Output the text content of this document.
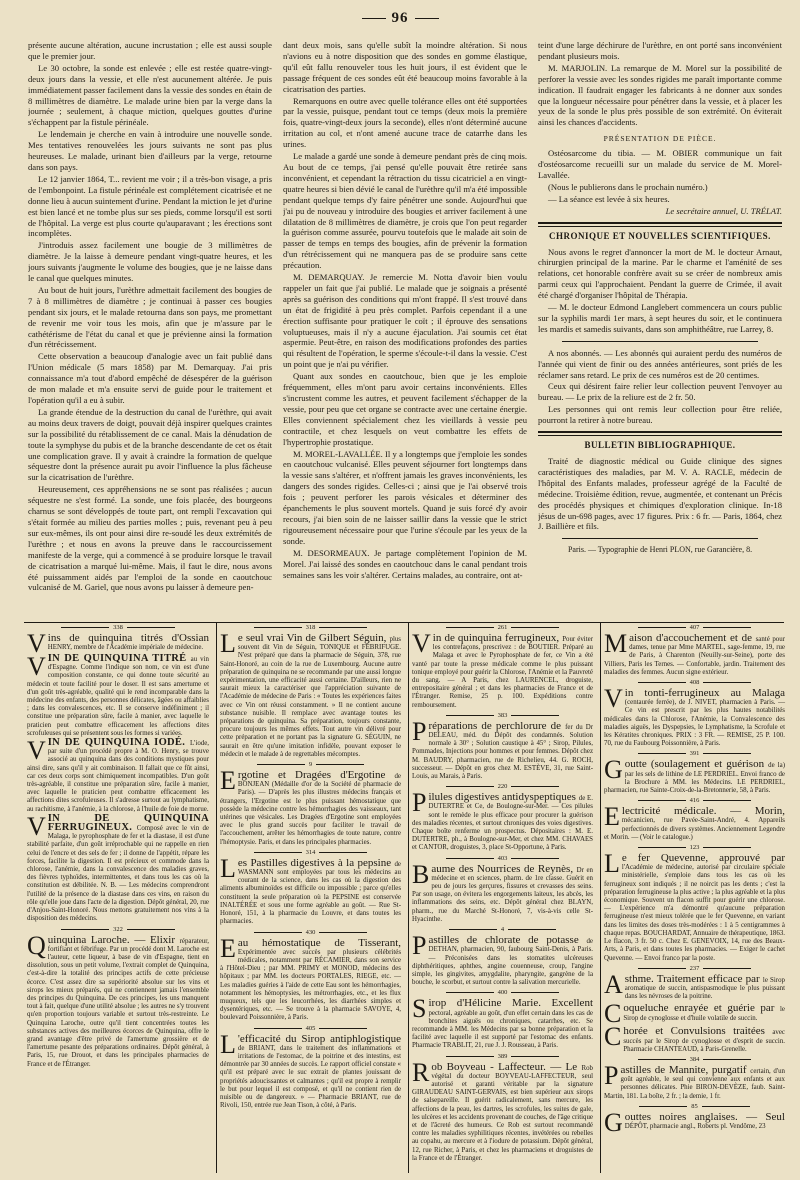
96

présente aucune altération, aucune incrustation ; elle est aussi souple que le premier jour.

Le 30 octobre, la sonde est enlevée ; elle est restée quatre-vingt-deux jours dans la vessie, et elle n'est aucunement altérée. Je puis immédiatement passer facilement dans la vessie des sondes en étain de 8 millimètres de diamètre. Le malade urine bien par la verge dans la journée ; seulement, à chaque miction, quelques gouttes d'urine s'échappent par la fistule périnéale.

Le lendemain je cherche en vain à introduire une nouvelle sonde. Mes tentatives renouvelées les jours suivants ne sont pas plus heureuses. Le malade, urinant bien d'ailleurs par la verge, retourne dans son pays.

Le 12 janvier 1864, T... revient me voir ; il a très-bon visage, a pris de l'embonpoint. La fistule périnéale est complétement cicatrisée et ne donne lieu à aucun suintement d'urine. Pendant la miction le jet d'urine est bien lancé et ne tombe plus sur ses pieds, comme lorsqu'il est sorti de l'hôpital. La verge est plus courte qu'auparavant ; les érections sont incomplètes.

J'introduis assez facilement une bougie de 3 millimètres de diamètre. Je la laisse à demeure pendant vingt-quatre heures, et les jours suivants j'augmente le volume des bougies, que je ne laisse dans le canal que quelques minutes.

Au bout de huit jours, l'urèthre admettait facilement des bougies de 7 à 8 millimètres de diamètre ; je continuai à passer ces bougies pendant six jours, et le malade retourna dans son pays, me promettant de revenir me voir tous les mois, afin que je m'assure par le cathétérisme de l'état du canal et que je prévienne ainsi la formation d'un rétrécissement.

Cette observation a beaucoup d'analogie avec un fait publié dans l'Union médicale (5 mars 1858) par M. Demarquay. J'ai pris connaissance m'a tout d'abord empêché de désespérer de la guérison de mon malade et m'a ensuite servi de guide pour le traitement et l'opération qu'il a eu à subir.

La grande étendue de la destruction du canal de l'urèthre, qui avait au moins deux travers de doigt, pouvait déjà inspirer quelques craintes sur la possibilité du rétablissement de ce canal. Mais la dénudation de toute la symphyse du pubis et de la branche descendante de cet os était une complication grave. Il y avait à craindre la formation de quelque séquestre dont la présence aurait pu avoir l'influence la plus fâcheuse sur la cicatrisation de l'urèthre.

Heureusement, ces appréhensions ne se sont pas réalisées ; aucun séquestre ne s'est formé. La sonde, une fois placée, des bourgeons charnus se sont développés de toute part, ont rempli l'excavation qui s'était formée au milieu des parties molles ; puis, revenant peu à peu sur eux-mêmes, ils ont pour ainsi dire re-soudé les deux extrémités de l'urèthre ; et nous en avons la preuve dans le raccourcissement manifeste de la verge, qui a commencé à se produire lorsque le travail de cicatrisation a marqué lui-même. Mais, il faut le dire, nous avons été puissamment aidés par l'emploi de la sonde en caoutchouc vulcanisé de M. Gariel, que nous avons pu laisser à demeure pen-

dant deux mois, sans qu'elle subît la moindre altération. Si nous n'avions eu à notre disposition que des sondes en gomme élastique, qu'il eût fallu renouveler tous les huit jours, il est évident que le passage fréquent de ces sondes eût été beaucoup moins favorable à la cicatrisation des parties.

Remarquons en outre avec quelle tolérance elles ont été supportées par la vessie, puisque, pendant tout ce temps (deux mois la première fois, quatre-vingt-deux jours la seconde), elles n'ont déterminé aucune irritation au col, et n'ont amené aucune trace de catarrhe dans les urines.

Le malade a gardé une sonde à demeure pendant près de cinq mois. Au bout de ce temps, j'ai pensé qu'elle pouvait être retirée sans inconvénient, et cependant la rétraction du tissu cicatriciel a en vingt-quatre heures si bien dévié le canal de l'urèthre qu'il m'a été impossible pendant quelque temps d'y faire pénétrer une sonde. Aujourd'hui que j'ai pu de nouveau y introduire des bougies et arriver facilement à une dilatation de 8 millimètres de diamètre, je crois que l'on peut regarder la guérison comme assurée, pourvu toutefois que le malade ait soin de passer de temps en temps des bougies, afin de prévenir la formation d'un rétrécissement qui ne manquera pas de se produire sans cette précaution.

M. DEMARQUAY. Je remercie M. Notta d'avoir bien voulu rappeler un fait que j'ai publié. Le malade que je soignais a présenté après sa guérison des conditions qui m'ont frappé. Il s'est trouvé dans un état de frigidité à peu près complet. Parfois cependant il a une érection suffisante pour pratiquer le coït ; il éprouve des sensations voluptueuses, mais il n'y a aucune éjaculation. J'ai soumis cet état aspermie. Peut-être, en raison des modifications profondes des parties qui résultent de l'opération, le sperme s'écoule-t-il dans la vessie. C'est un point que je n'ai pu vérifier.

Quant aux sondes en caoutchouc, bien que je les emploie fréquemment, elles m'ont paru avoir certains inconvénients. Elles s'incrustent comme les autres, et peuvent facilement s'échapper de la vessie, pour peu que cet organe se contracte avec une certaine énergie. Elles conviennent spécialement chez les vieillards à vessie peu contractile, et chez lesquels on veut combattre les effets de l'hypertrophie prostatique.

M. MOREL-LAVALLÉE. Il y a longtemps que j'emploie les sondes en caoutchouc vulcanisé. Elles peuvent séjourner fort longtemps dans la vessie sans s'altérer, et n'offrent jamais les graves inconvénients, les dangers des sondes rigides. Celles-ci ; ainsi que je l'ai observé trois fois ; peuvent perforer les parois vésicales et déterminer des épanchements le plus souvent mortels. Quand je suis forcé d'y avoir recours, j'ai bien soin de ne laisser saillir dans la vessie que le strict rigoureusement nécessaire pour que l'urine s'écoule par les yeux de la sonde.

M. DESORMEAUX. Je partage complètement l'opinion de M. Morel. J'ai laissé des sondes en caoutchouc dans le canal pendant trois semaines sans les voir s'altérer. Certains malades, au contraire, ont at-

teint d'une large déchirure de l'urèthre, en ont porté sans inconvénient pendant plusieurs mois.

M. MARJOLIN. La remarque de M. Morel sur la possibilité de perforer la vessie avec les sondes rigides me paraît importante comme indication. Il faudrait engager les fabricants à ne donner aux sondes que la longueur nécessaire pour pénétrer dans la vessie, et à placer les yeux de la sonde le plus près possible de son extrémité. On éviterait ainsi les chances d'accidents.

PRÉSENTATION DE PIÈCE.

Ostéosarcome du tibia. — M. OBIER communique un fait d'ostéosarcome recueilli sur un malade du service de M. Morel-Lavallée.

(Nous le publierons dans le prochain numéro.)

— La séance est levée à six heures.

Le secrétaire annuel, U. TRÉLAT.

CHRONIQUE ET NOUVELLES SCIENTIFIQUES.

Nous avons le regret d'annoncer la mort de M. le docteur Arnaut, chirurgien principal de la marine. Par le charme et l'aménité de ses relations, cet honorable confrère avait su se créer de nombreux amis parmi ceux qui l'approchaient. Pendant la guerre de Crimée, il avait été chargé d'organiser l'hôpital de Thérapia.

— M. le docteur Edmond Langlebert commencera un cours public sur la syphilis mardi 1er mars, à sept heures du soir, et le continuera les mardis et samedis suivants, dans son amphithéâtre, rue Larrey, 8.

A nos abonnés. — Les abonnés qui auraient perdu des numéros de l'année qui vient de finir ou des années antérieures, sont priés de les réclamer sans retard. Le prix de ces numéros est de 20 centimes.

Ceux qui désirent faire relier leur collection peuvent l'envoyer au bureau. — Le prix de la reliure est de 2 fr. 50.

Les personnes qui ont remis leur collection pour être reliée, pourront la retirer à notre bureau.

BULLETIN BIBLIOGRAPHIQUE.

Traité de diagnostic médical ou Guide clinique des signes caractéristiques des maladies, par M. V. A. RACLE, médecin de l'hôpital des Enfants malades, professeur agrégé de la Faculté de médecine. Troisième édition, revue, augmentée, et contenant un Précis des procédés physiques et chimiques d'exploration clinique. In-18 jésus de un-698 pages, avec 17 figures. Prix : 6 fr. — Paris, 1864, chez J. Baillière et fils.

Paris. — Typographie de Henri PLON, rue Garancière, 8.
338
Vins de quinquina titrés d'Ossian HENRY, membre de l'Académie impériale de médecine.
VIN DE QUINQUINA TITRÉ au vin d'Espagne. Comme l'indique son nom, ce vin est d'une composition constante, ce qui donne toute sécurité au médecin et toute facilité pour le doser. Il est sans amertume et d'un goût très-agréable, qualité qui le rend incomparable dans la médecine des enfants, des personnes délicates, âgées ou affaiblies ; dans les convalescences, etc. Il se conserve indéfiniment ; il constitue une préparation sûre, facile à manier, avec laquelle le praticien peut combattre efficacement les affections dites scrofuleuses qui se présentent sous les formes si variées.
VIN DE QUINQUINA IODÉ. L'iode, par suite d'un procédé propre à M. O. Henry, se trouve associé au quinquina dans des conditions mystiques pour ainsi dire, sans qu'il y ait combinaison. Il fallait que ce fût ainsi, car ces deux corps sont chimiquement incompatibles. D'un goût très-agréable, il constitue une préparation sûre, facile à manier, avec laquelle le praticien peut combattre efficacement les affections dites scrofuleuses. Il s'adresse surtout au lymphatisme, au rachitisme, à l'anémie, à la chlorose, à l'huile de foie de morue.
VIN DE QUINQUINA FERRUGINEUX. Composé avec le vin de Malaga, le pyrophosphate de fer et la diastase, il est d'une stabilité parfaite, d'un goût irréprochable qui ne rappelle en rien celui de l'encre et des sels de fer ; il donne de l'appétit, répare les forces, facilite la digestion. Il est précieux et commode dans la chlorose, l'anémie, dans la convalescence des maladies graves, des fièvres typhoïdes, intermittentes, et dans tous les cas où la constitution est débilitée. N. B. — Les médecins comprendront l'utilité de la présence de la diastase dans ces vins, en raison du rôle qu'elle joue dans l'acte de la digestion. Dépôt général, 20, rue d'Anjou-Saint-Honoré. Nous mettons gratuitement nos vins à la disposition des médecins.
322
Quinquina Laroche. — Elixir réparateur, fortifiant et fébrifuge. Par un procédé dont M. Laroche est l'auteur, cette liqueur, à base de vin d'Espagne, tient en dissolution, sous un petit volume, l'extrait complet de Quinquina, c'est-à-dire la totalité des principes actifs de cette précieuse écorce. C'est assez dire sa supériorité absolue sur les vins et sirops les mieux préparés, qui ne contiennent jamais l'ensemble des principes du Quinquina. De ces principes, les uns manquent tout à fait, quelque d'une utilité absolue ; les autres ne s'y trouvent qu'en proportion toujours variable et surtout très-restreinte. Le Quinquina Laroche, outre qu'il tient concentrées toutes les substances actives des meilleures écorces de Quinquina, offre le grand avantage d'être privé de l'amertume grossière et de l'amertume pesante des préparations ordinaires. Dépôt général, à Paris, 15, rue Drouot, et dans les principales pharmacies de France et de l'Étranger.
318
Le seul vrai Vin de Gilbert Séguin, plus souvent dit Vin de Séguin, TONIQUE et FÉBRIFUGE. N'est préparé que dans la pharmacie de Séguin, 378, rue Saint-Honoré, au coin de la rue de Luxembourg. Aucune autre préparation de quinquina ne se recommande par une aussi longue expérimentation, une efficacité aussi certaine. D'ailleurs, rien ne saurait mieux la caractériser que l'appréciation suivante de l'Académie de médecine de Paris : « Toutes les expériences faites avec ce Vin ont réussi constamment. » Il ne contient aucune substance nuisible. Il remplace avec avantage toutes les préparations de quinquina. Sa préparation, toujours constante, procure toujours les mêmes effets. Tout autre vin délivré pour cette préparation et ne portant pas la signature G. SÉGUIN, ne saurait en être qu'une imitation infidèle, pouvant exposer le médecin et le malade à de regrettables mécomptes.
9
Ergotine et Dragées d'Ergotine de BONJEAN (Médaille d'or de la Société de pharmacie de Paris). — D'après les plus illustres médecins français et étrangers, l'Ergotine est le plus puissant hémostatique que possède la médecine contre les hémorrhagies des vaisseaux, tant utérines que vésicales. Les Dragées d'Ergotine sont employées avec le plus grand succès pour faciliter le travail de l'accouchement, arrêter les hémorrhagies de toute nature, contre l'hémoptysie. Paris, et dans les principales pharmacies.
314
Les Pastilles digestives à la pepsine de WASMANN sont employées par tous les médecins au courant de la science, dans les cas où la digestion des aliments albuminoïdes est difficile ou impossible ; parce qu'elles constituent la seule préparation où la PEPSINE est conservée INALTÉRÉE et sous une forme agréable au goût. — Rue St-Honoré, 151, à la pharmacie du Louvre, et dans toutes les pharmacies.
430
Eau hémostatique de Tisserant, Expérimentée avec succès par plusieurs célébrités médicales, notamment par RÉCAMIER, dans son service à l'Hôtel-Dieu ; par MM. PRIMY et MONOD, médecins des hôpitaux ; par MM. les docteurs PORTALES, RIEGE, etc. — Les maladies guéries à l'aide de cette Eau sont les hémorrhagies, notamment les hémoptysies, les métrorrhagies, etc., et les flux muqueux, tels que les leucorrhées, les diarrhées simples et dysentériques, etc. — Se trouve à la pharmacie SAVOYE, 4, boulevard Poissonnière, à Paris.
405
L 'efficacité du Sirop antiphlogistique de BRIANT, dans le traitement des inflammations et irritations de l'estomac, de la poitrine et des intestins, est démontrée par 30 années de succès. Le rapport officiel constate « qu'il est préparé avec le suc extrait de plantes jouissant de propriétés adoucissantes et calmantes ; qu'il est propre à remplir le but pour lequel il est composé, et qu'il ne contient rien de nuisible ou de dangereux. » — Pharmacie BRIANT, rue de Rivoli, 150, entrée rue Jean Tison, à côté, à Paris.
261
Vin de quinquina ferrugineux, Pour éviter les contrefaçons, prescrivez : de BOUTIER. Préparé au Malaga et avec le Pyrophosphate de fer, ce Vin a été vanté par toute la presse médicale comme le plus puissant tonique employé pour guérir la Chlorose, l'Anémie et la Pauvreté du sang. — A Paris, chez LAURENCEL, droguiste, entrepositaire général ; et dans les pharmacies de France et de l'Étranger. Remise, 25 p. 100. Expéditions contre remboursement.
383
Préparations de perchlorure de fer du Dr DELEAU, méd. du Dépôt des condamnés. Solution normale à 30° ; Solution caustique à 45° ; Sirop, Pilules, Pommades, Injections pour hommes et pour femmes. Dépôt chez M. BAUDRY, pharmacien, rue de Richelieu, 44. G. ROCH, successeur. — Dépôt en gros chez M. ESTÈVE, 31, rue Saint-Louis, au Marais, à Paris.
220
Pilules digestives antidyspeptiques de E. DUTERTRE et Ce, de Boulogne-sur-Mer. — Ces pilules sont le remède le plus efficace pour procurer la guérison des maladies récentes, et surtout chroniques des voies digestives. Chaque boîte renferme un prospectus. Dépositaires : M. E. DUTERTRE, ph., à Boulogne-sur-Mer, et chez MM. CHAVAES et CANTOR, droguistes, 3, place St-Opportune, à Paris.
403
Baume des Nourrices de Reynès, Dr en médecine et en sciences, pharm. de 1re classe. Guérit en peu de jours les gerçures, fissures et crevasses des seins. Par son usage, on évitera les engorgements laiteux, les abcès, les inflammations des seins, etc. Dépôt général chez BLAYN, pharm., rue du Marché St-Honoré, 7, vis-à-vis celle St-Hyacinthe.
4
Pastilles de chlorate de potasse de DETHAN, pharmacien, 90, faubourg Saint-Denis, à Paris. — Préconisées dans les stomatites ulcéreuses diphthéritiques, aphthes, angine couenneuse, croup, l'angine simple, les gingivites, amygdalite, pharyngite, gangrène de la bouche, le scorbut, et surtout contre la salivation mercurielle.
400
Sirop d'Hélicine Marie. Excellent pectoral, agréable au goût, d'un effet certain dans les cas de bronchites aiguës ou chroniques, catarrhes, etc. Se recommande à MM. les Médecins par sa bonne préparation et la facilité avec laquelle il est supporté par l'estomac des enfants. Pharmacie TRABLIT, 21, rue J. J. Rousseau, à Paris.
389
Rob Boyveau - Laffecteur. — Le Rob végétal du docteur BOYVEAU-LAFFECTEUR, seul autorisé et garanti véritable par la signature GIRAUDEAU SAINT-GERVAIS, est bien supérieur aux sirops de salsepareille. Il guérit radicalement, sans mercure, les affections de la peau, les dartres, les scrofules, les suites de gale, les ulcères et les accidents provenant de couches, de l'âge critique et de l'âcreté des humeurs. Ce Rob est surtout recommandé contre les maladies syphilitiques récentes, invétérées ou rebelles au copahu, au mercure et à l'iodure de potassium. Dépôt général, 12, rue Richer, à Paris, et chez les pharmaciens et droguistes de la France et de l'Étranger.
407
Maison d'accouchement et de santé pour dames, tenue par Mme MARTEL, sage-femme, 19, rue de Paris, à Charenton (Neuilly-sur-Seine), porte des Villiers, Paris les Ternes. — Confortable, jardin. Traitement des maladies des femmes. Aucun signe extérieur.
408
Vin tonti-ferrugineux au Malaga (centaurée ferrée), de J. NIVET, pharmacien à Paris. — Ce vin est prescrit par les plus hautes notabilités médicales dans la Chlorose, l'Anémie, la Convalescence des maladies aiguës, les Dyspepsies, le Lymphatisme, la Scrofule et les Kératites chroniques. PRIX : 3 FR. — REMISE, 25 P. 100. 70, rue du Faubourg Poissonnière, à Paris.
391
Goutte (soulagement et guérison de la) par les sels de lithine de LE PERDRIEL. Envoi franco de la Brochure à MM. les Médecins. LE PERDRIEL, pharmacien, rue Sainte-Croix-de-la-Bretonnerie, 58, à Paris.
416
Electricité médicale. — Morin, mécanicien, rue Pavée-Saint-André, 4. Appareils perfectionnés de divers systèmes. Anciennement Legendre et Morin. — (Voir le catalogue.)
123
Le fer Quevenne, approuvé par l'Académie de médecine, autorisé par circulaire spéciale ministérielle, s'emploie dans tous les cas où les ferrugineux sont indiqués ; il ne noircit pas les dents ; c'est la préparation ferrugineuse la plus active ; la plus agréable et la plus économique. Souvent un flacon suffit pour guérir une chlorose. — L'expérience m'a démontré qu'aucune préparation ferrugineuse n'est mieux tolérée que le fer Quevenne, en variant dans les limites des doses très-modérées : 1 à 5 centigrammes à chaque repas. BOUCHARDAT, Annuaire de thérapeutique, 1863. Le flacon, 3 fr. 50 c. Chez E. GENEVOIX, 14, rue des Beaux-Arts, à Paris, et dans toutes les pharmacies. — Exiger le cachet Quevenne. — Envoi franco par la poste.
237
Asthme. Traitement efficace par le Sirop aromatique de succin, antispasmodique le plus puissant dans les névroses de la poitrine.
Coqueluche enrayée et guérie par le Sirop de cynoglosse et d'huile volatile de succin.
Chorée et Convulsions traitées avec succès par le Sirop de cynoglosse et d'esprit de succin. Pharmacie CHANTEAUD, à Paris-Grenelle.
384
Pastilles de Mannite, purgatif certain, d'un goût agréable, le seul qui convienne aux enfants et aux personnes délicates. Phie BIRON-DEVÈZE, faub. Saint-Martin, 181. La boîte, 2 fr. ; la demie, 1 fr.
85
Gouttes noires anglaises. — Seul DÉPÔT, pharmacie angl., Roberts pl. Vendôme, 23
